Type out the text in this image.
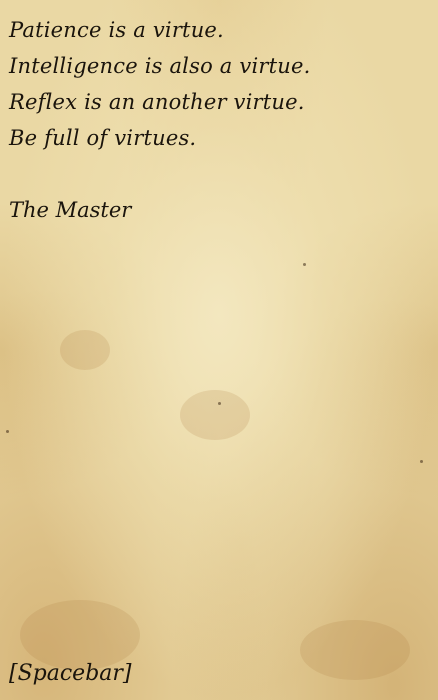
Patience is a virtue.
Intelligence is also a virtue.
Reflex is an another virtue.
Be full of virtues.
The Master
[Spacebar]
